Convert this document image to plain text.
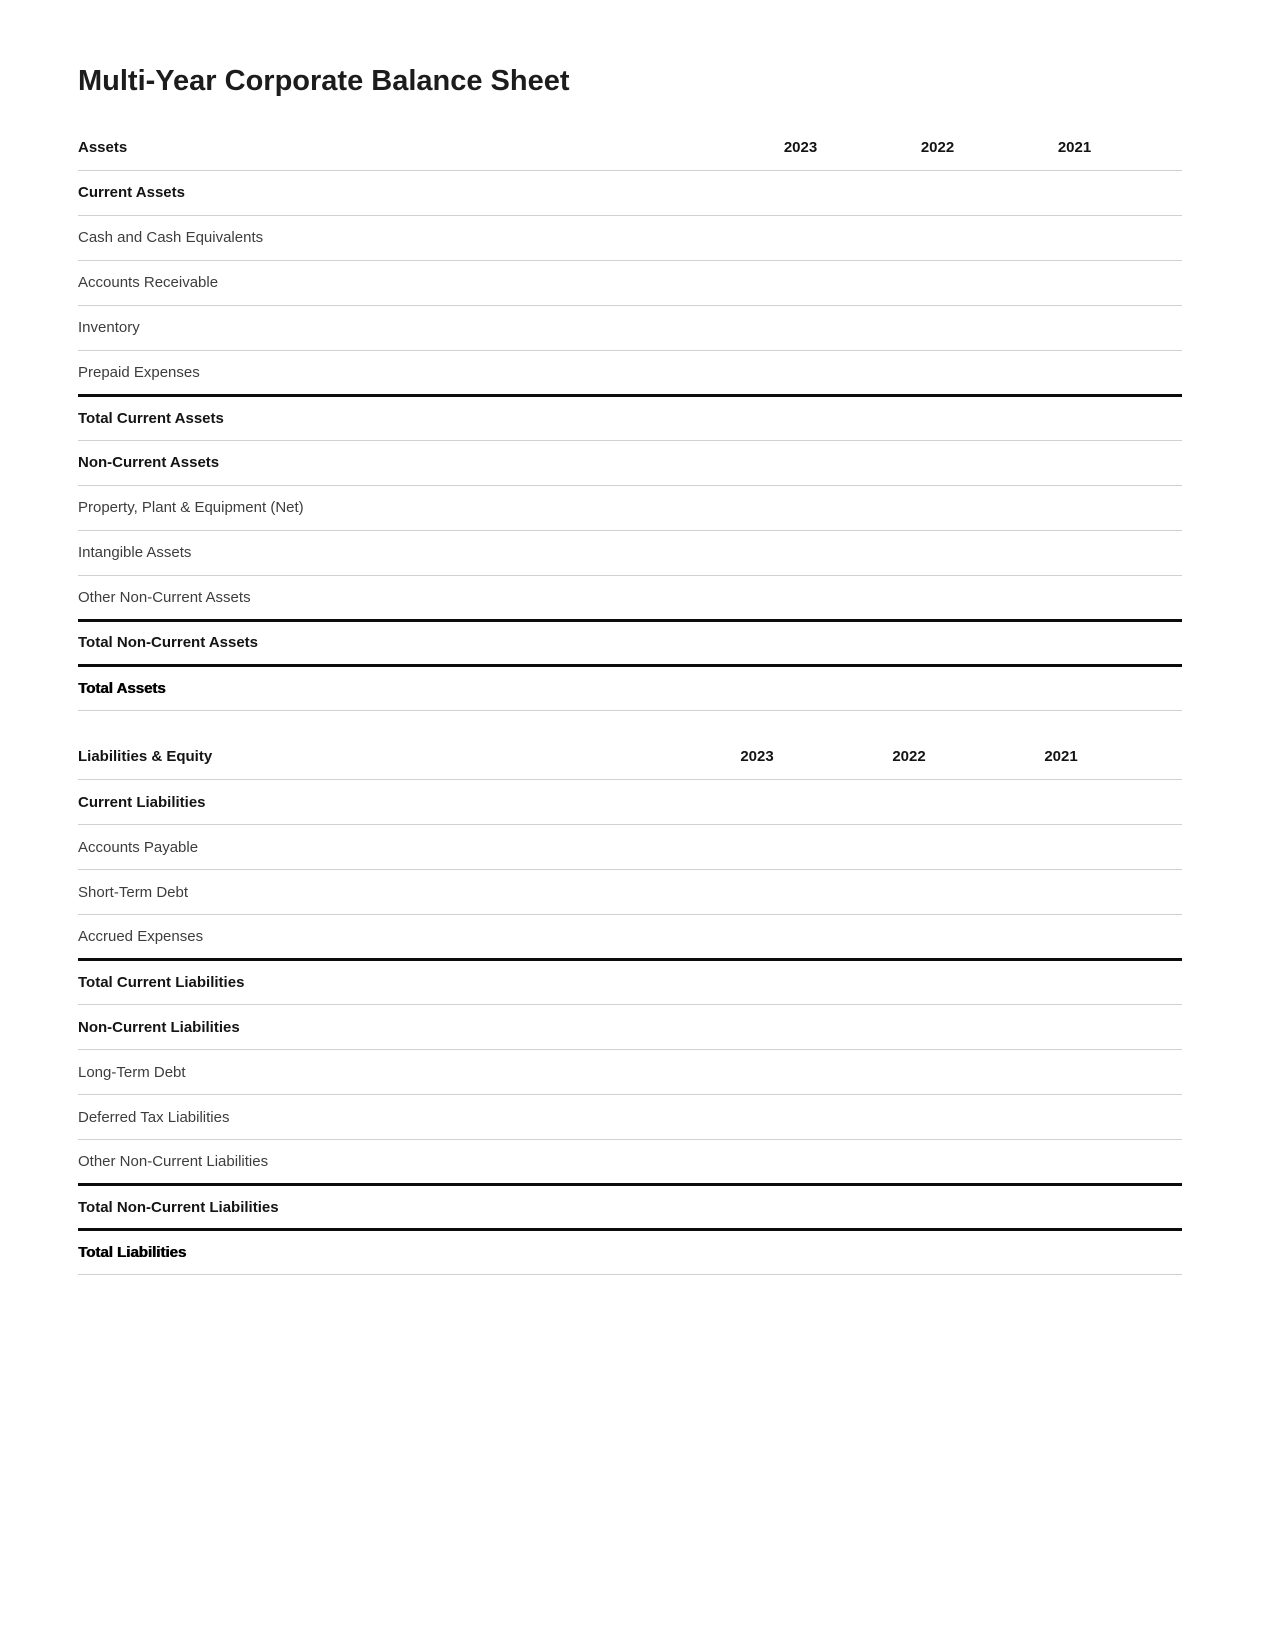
Multi-Year Corporate Balance Sheet
Assets	2023	2022	2021	
Current Assets				
Cash and Cash Equivalents				
Accounts Receivable				
Inventory				
Prepaid Expenses				
Total Current Assets				
Non-Current Assets				
Property, Plant & Equipment (Net)				
Intangible Assets				
Other Non-Current Assets				
Total Non-Current Assets				
Total Assets				
Liabilities & Equity	2023	2022	2021	
Current Liabilities				
Accounts Payable				
Short-Term Debt				
Accrued Expenses				
Total Current Liabilities				
Non-Current Liabilities				
Long-Term Debt				
Deferred Tax Liabilities				
Other Non-Current Liabilities				
Total Non-Current Liabilities				
Total Liabilities				
